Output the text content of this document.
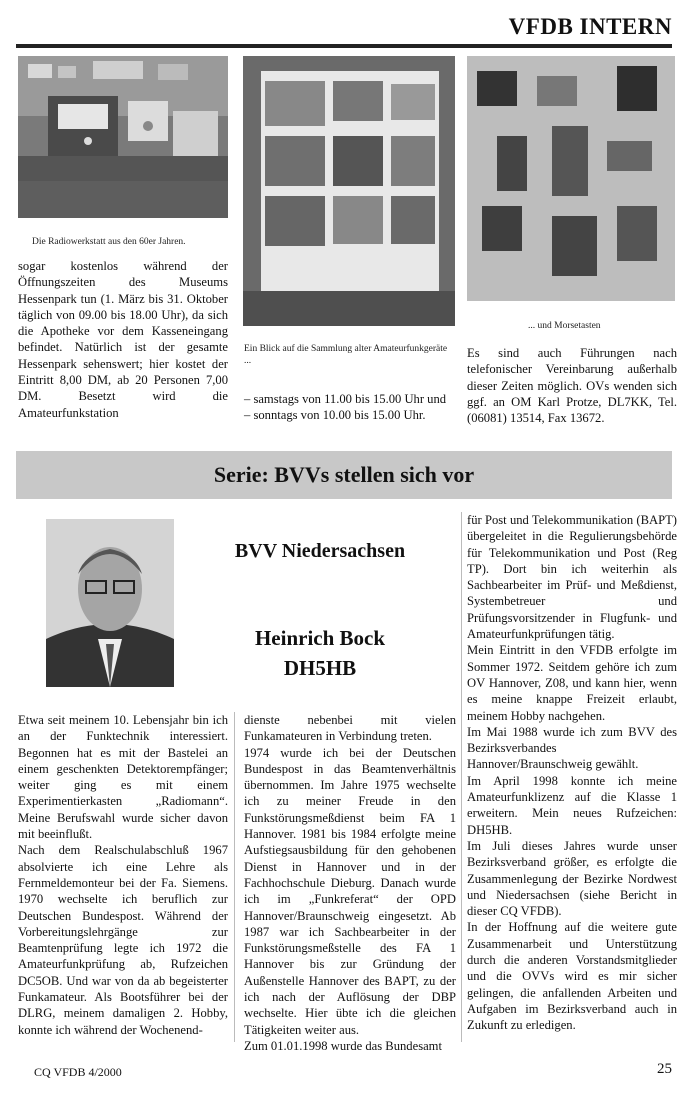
VFDB INTERN
Die Radiowerkstatt aus den 60er Jahren.
Ein Blick auf die Sammlung alter Amateurfunkgeräte ...
... und Morsetasten
sogar kostenlos während der Öffnungszeiten des Museums Hessenpark tun (1. März bis 31. Oktober täglich von 09.00 bis 18.00 Uhr), da sich die Apotheke vor dem Kasseneingang befindet. Natürlich ist der gesamte Hessenpark sehenswert; hier kostet der Eintritt 8,00 DM, ab 20 Personen 7,00 DM. Besetzt wird die Amateurfunkstation
– samstags von 11.00 bis 15.00 Uhr und
– sonntags von 10.00 bis 15.00 Uhr.
Es sind auch Führungen nach telefonischer Vereinbarung außerhalb dieser Zeiten möglich. OVs wenden sich ggf. an OM Karl Protze, DL7KK, Tel. (06081) 13514, Fax 13672.
Serie: BVVs stellen sich vor
BVV Niedersachsen
Heinrich Bock
DH5HB

Etwa seit meinem 10. Lebensjahr bin ich an der Funktechnik interessiert. Begonnen hat es mit der Bastelei an einem geschenkten Detektorempfänger; weiter ging es mit einem Experimentierkasten „Radiomann“. Meine Berufswahl wurde sicher davon mit beeinflußt.
Nach dem Realschulabschluß 1967 absolvierte ich eine Lehre als Fernmeldemonteur bei der Fa. Siemens. 1970 wechselte ich beruflich zur Deutschen Bundespost. Während der Vorbereitungslehrgänge zur Beamtenprüfung legte ich 1972 die Amateurfunkprüfung ab, Rufzeichen DC5OB. Und war von da ab begeisterter Funkamateur. Als Bootsführer bei der DLRG, meinem damaligen 2. Hobby, konnte ich während der Wochenend-

dienste nebenbei mit vielen Funkamateuren in Verbindung treten.
1974 wurde ich bei der Deutschen Bundespost in das Beamtenverhältnis übernommen. Im Jahre 1975 wechselte ich zu meiner Freude in den Funkstörungsmeßdienst beim FA 1 Hannover. 1981 bis 1984 erfolgte meine Aufstiegsausbildung für den gehobenen Dienst in Hannover und in der Fachhochschule Dieburg. Danach wurde ich im „Funkreferat“ der OPD Hannover/Braunschweig eingesetzt. Ab 1987 war ich Sachbearbeiter in der Funkstörungsmeßstelle des FA 1 Hannover bis zur Gründung der Außenstelle Hannover des BAPT, zu der ich nach der Auflösung der DBP wechselte. Hier übte ich die gleichen Tätigkeiten weiter aus.
Zum 01.01.1998 wurde das Bundesamt

für Post und Telekommunikation (BAPT) übergeleitet in die Regulierungsbehörde für Telekommunikation und Post (Reg TP). Dort bin ich weiterhin als Sachbearbeiter im Prüf- und Meßdienst, Systembetreuer und Prüfungsvorsitzender in Flugfunk- und Amateurfunkprüfungen tätig.
Mein Eintritt in den VFDB erfolgte im Sommer 1972. Seitdem gehöre ich zum OV Hannover, Z08, und kann hier, wenn es meine knappe Freizeit erlaubt, meinem Hobby nachgehen.
Im Mai 1988 wurde ich zum BVV des Bezirksverbandes Hannover/Braunschweig gewählt.
Im April 1998 konnte ich meine Amateurfunklizenz auf die Klasse 1 erweitern. Mein neues Rufzeichen: DH5HB.
Im Juli dieses Jahres wurde unser Bezirksverband größer, es erfolgte die Zusammenlegung der Bezirke Nordwest und Niedersachsen (siehe Bericht in dieser CQ VFDB).
In der Hoffnung auf die weitere gute Zusammenarbeit und Unterstützung durch die anderen Vorstandsmitglieder und die OVVs wird es mir sicher gelingen, die anfallenden Arbeiten und Aufgaben im Bezirksverband auch in Zukunft zu erledigen.

CQ VFDB 4/2000	25
